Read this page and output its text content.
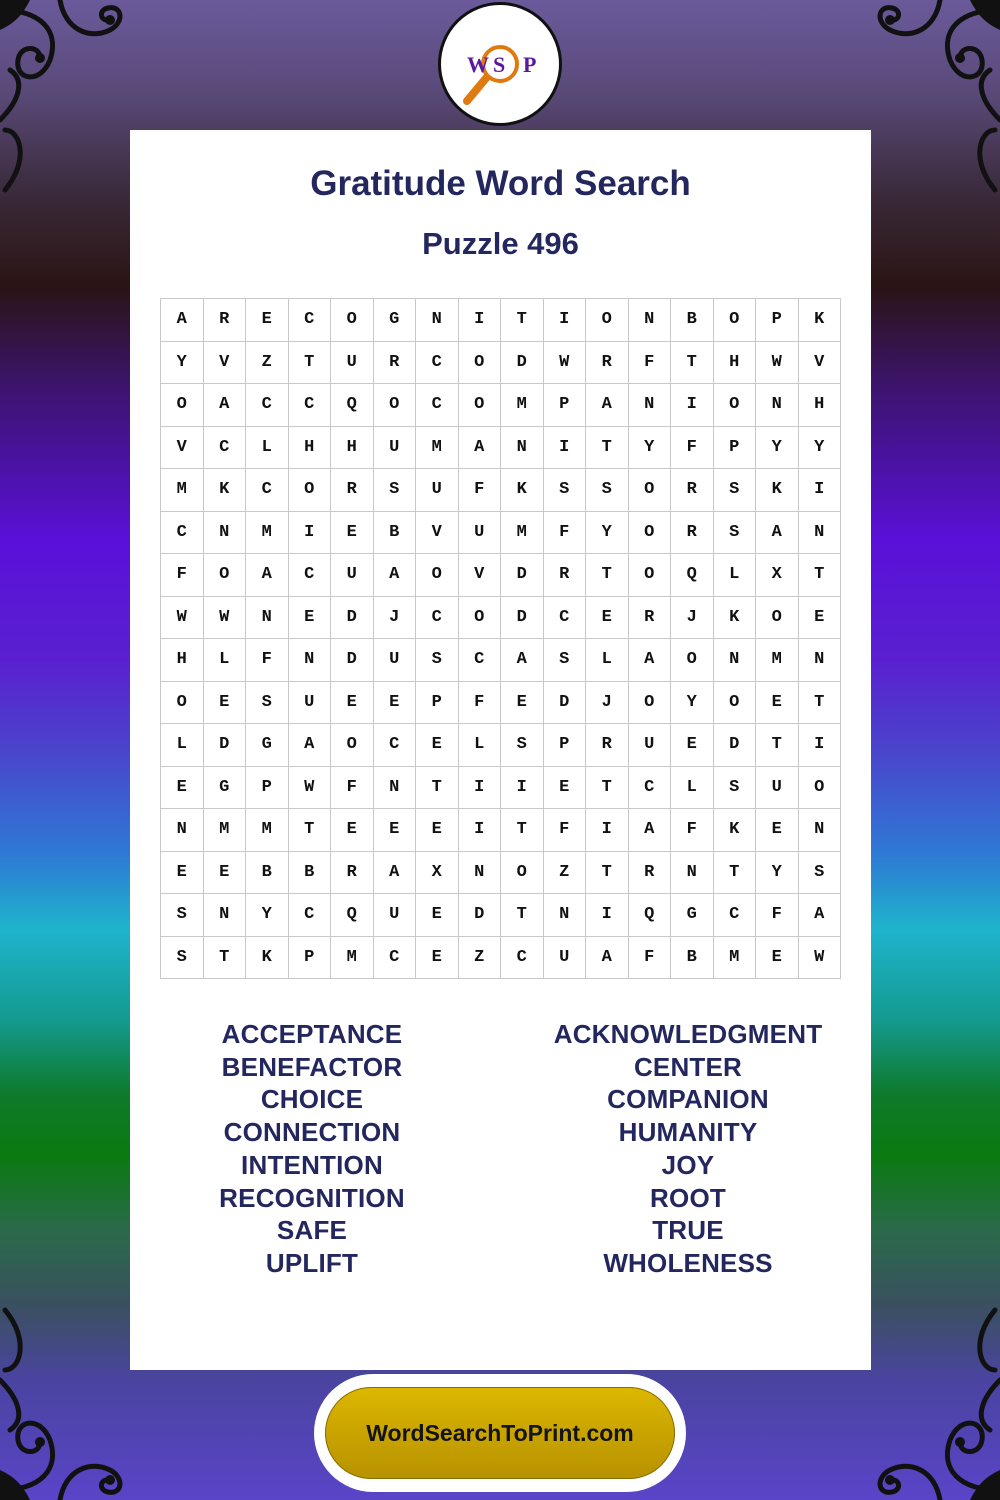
W S P
Gratitude Word Search
Puzzle 496
A	R	E	C	O	G	N	I	T	I	O	N	B	O	P	K
Y	V	Z	T	U	R	C	O	D	W	R	F	T	H	W	V
O	A	C	C	Q	O	C	O	M	P	A	N	I	O	N	H
V	C	L	H	H	U	M	A	N	I	T	Y	F	P	Y	Y
M	K	C	O	R	S	U	F	K	S	S	O	R	S	K	I
C	N	M	I	E	B	V	U	M	F	Y	O	R	S	A	N
F	O	A	C	U	A	O	V	D	R	T	O	Q	L	X	T
W	W	N	E	D	J	C	O	D	C	E	R	J	K	O	E
H	L	F	N	D	U	S	C	A	S	L	A	O	N	M	N
O	E	S	U	E	E	P	F	E	D	J	O	Y	O	E	T
L	D	G	A	O	C	E	L	S	P	R	U	E	D	T	I
E	G	P	W	F	N	T	I	I	E	T	C	L	S	U	O
N	M	M	T	E	E	E	I	T	F	I	A	F	K	E	N
E	E	B	B	R	A	X	N	O	Z	T	R	N	T	Y	S
S	N	Y	C	Q	U	E	D	T	N	I	Q	G	C	F	A
S	T	K	P	M	C	E	Z	C	U	A	F	B	M	E	W
ACCEPTANCE
BENEFACTOR
CHOICE
CONNECTION
INTENTION
RECOGNITION
SAFE
UPLIFT
ACKNOWLEDGMENT
CENTER
COMPANION
HUMANITY
JOY
ROOT
TRUE
WHOLENESS
WordSearchToPrint.com
